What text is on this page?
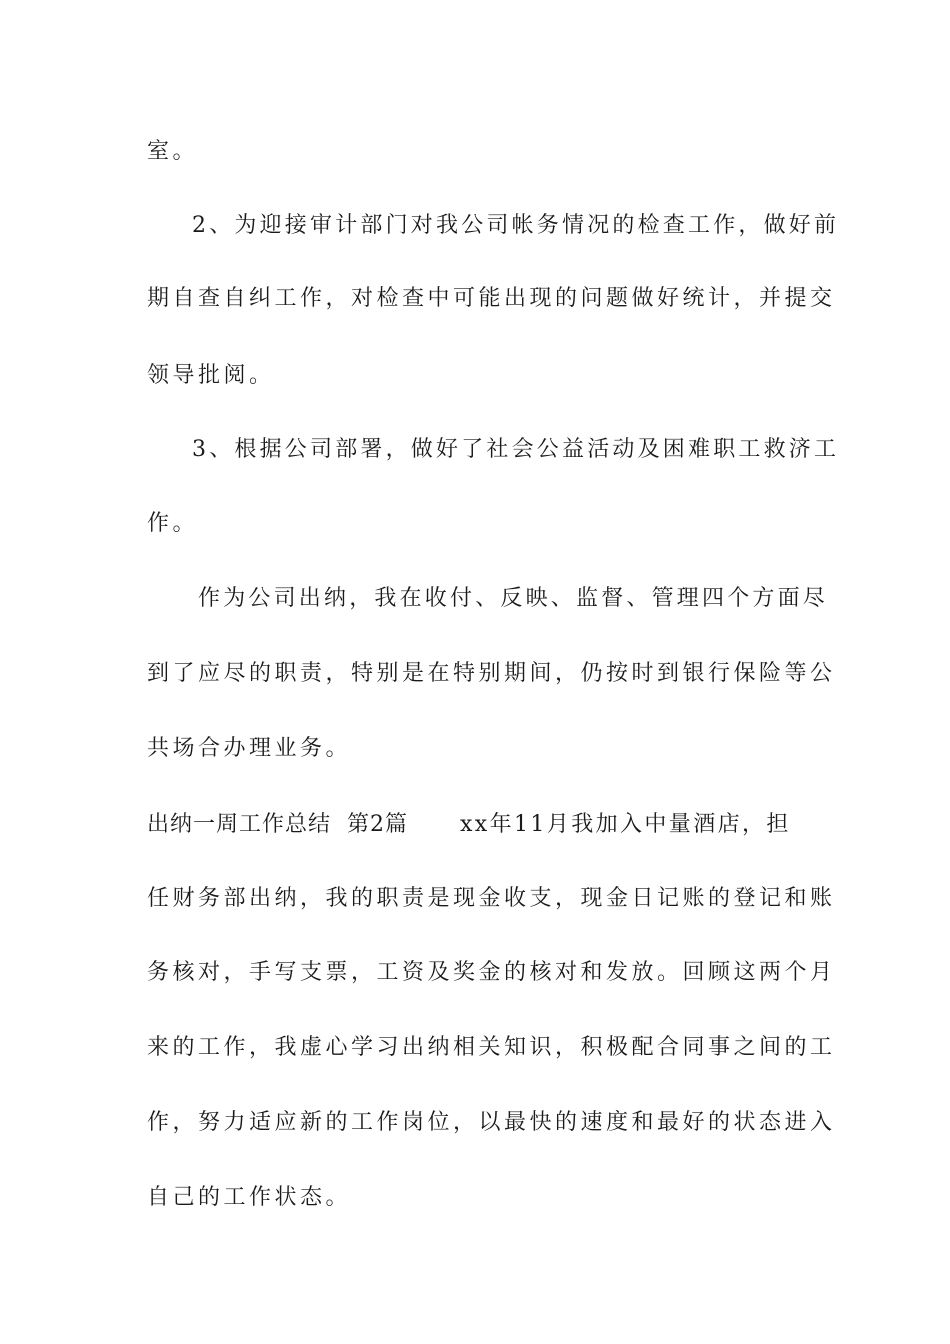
室。
2、为迎接审计部门对我公司帐务情况的检查工作，做好前
期自查自纠工作，对检查中可能出现的问题做好统计，并提交
领导批阅。
3、根据公司部署，做好了社会公益活动及困难职工救济工
作。
作为公司出纳，我在收付、反映、监督、管理四个方面尽
到了应尽的职责，特别是在特别期间，仍按时到银行保险等公
共场合办理业务。
出纳一周工作总结  第2篇 xx年11月我加入中量酒店，担
任财务部出纳，我的职责是现金收支，现金日记账的登记和账
务核对，手写支票，工资及奖金的核对和发放。回顾这两个月
来的工作，我虚心学习出纳相关知识，积极配合同事之间的工
作，努力适应新的工作岗位，以最快的速度和最好的状态进入
自己的工作状态。
